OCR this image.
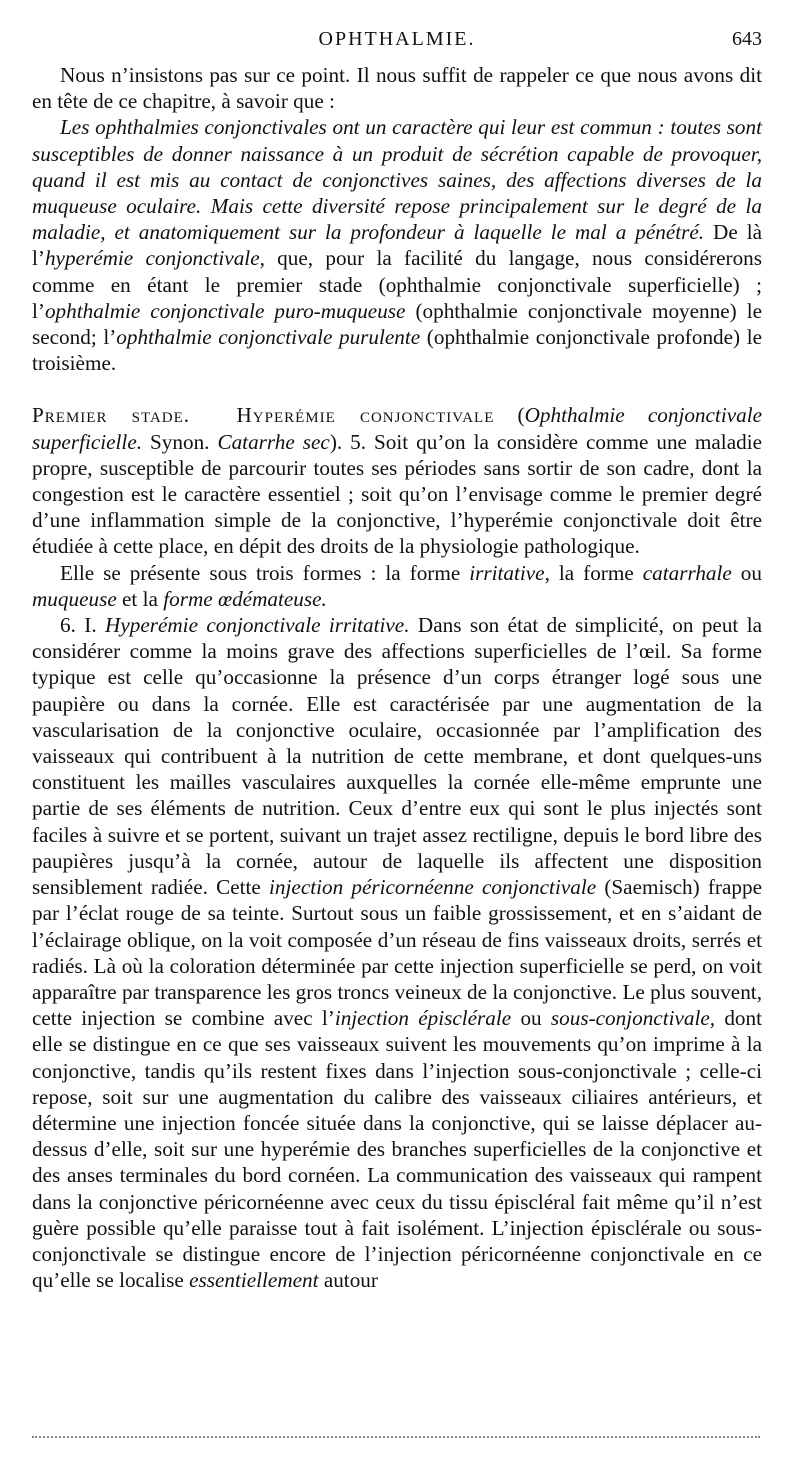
OPHTHALMIE.	643

Nous n’insistons pas sur ce point. Il nous suffit de rappeler ce que nous avons dit en tête de ce chapitre, à savoir que :

Les ophthalmies conjonctivales ont un caractère qui leur est commun : toutes sont susceptibles de donner naissance à un produit de sécrétion capable de provoquer, quand il est mis au contact de conjonctives saines, des affections diverses de la muqueuse oculaire. Mais cette diversité repose principalement sur le degré de la maladie, et anatomiquement sur la profondeur à laquelle le mal a pénétré. De là l’hyperémie conjonctivale, que, pour la facilité du langage, nous considérerons comme en étant le premier stade (ophthalmie conjonctivale superficielle) ; l’ophthalmie conjonctivale puro-muqueuse (ophthalmie conjonctivale moyenne) le second; l’ophthalmie conjonctivale purulente (ophthalmie conjonctivale profonde) le troisième.

Premier stade. Hyperémie conjonctivale (Ophthalmie conjonctivale superficielle. Synon. Catarrhe sec). 5. Soit qu’on la considère comme une maladie propre, susceptible de parcourir toutes ses périodes sans sortir de son cadre, dont la congestion est le caractère essentiel ; soit qu’on l’envisage comme le premier degré d’une inflammation simple de la conjonctive, l’hyperémie conjonctivale doit être étudiée à cette place, en dépit des droits de la physiologie pathologique.

Elle se présente sous trois formes : la forme irritative, la forme catarrhale ou muqueuse et la forme œdémateuse.

6. I. Hyperémie conjonctivale irritative. Dans son état de simplicité, on peut la considérer comme la moins grave des affections superficielles de l’œil. Sa forme typique est celle qu’occasionne la présence d’un corps étranger logé sous une paupière ou dans la cornée. Elle est caractérisée par une augmentation de la vascularisation de la conjonctive oculaire, occasionnée par l’amplification des vaisseaux qui contribuent à la nutrition de cette membrane, et dont quelques-uns constituent les mailles vasculaires auxquelles la cornée elle-même emprunte une partie de ses éléments de nutrition. Ceux d’entre eux qui sont le plus injectés sont faciles à suivre et se portent, suivant un trajet assez rectiligne, depuis le bord libre des paupières jusqu’à la cornée, autour de laquelle ils affectent une disposition sensiblement radiée. Cette injection péricornéenne conjonctivale (Saemisch) frappe par l’éclat rouge de sa teinte. Surtout sous un faible grossissement, et en s’aidant de l’éclairage oblique, on la voit composée d’un réseau de fins vaisseaux droits, serrés et radiés. Là où la coloration déterminée par cette injection superficielle se perd, on voit apparaître par transparence les gros troncs veineux de la conjonctive. Le plus souvent, cette injection se combine avec l’injection épisclérale ou sous-conjonctivale, dont elle se distingue en ce que ses vaisseaux suivent les mouvements qu’on imprime à la conjonctive, tandis qu’ils restent fixes dans l’injection sous-conjonctivale ; celle-ci repose, soit sur une augmentation du calibre des vaisseaux ciliaires antérieurs, et détermine une injection foncée située dans la conjonctive, qui se laisse déplacer au-dessus d’elle, soit sur une hyperémie des branches superficielles de la conjonctive et des anses terminales du bord cornéen. La communication des vaisseaux qui rampent dans la conjonctive péricornéenne avec ceux du tissu épiscléral fait même qu’il n’est guère possible qu’elle paraisse tout à fait isolément. L’injection épisclérale ou sous-conjonctivale se distingue encore de l’injection péricornéenne conjonctivale en ce qu’elle se localise essentiellement autour
